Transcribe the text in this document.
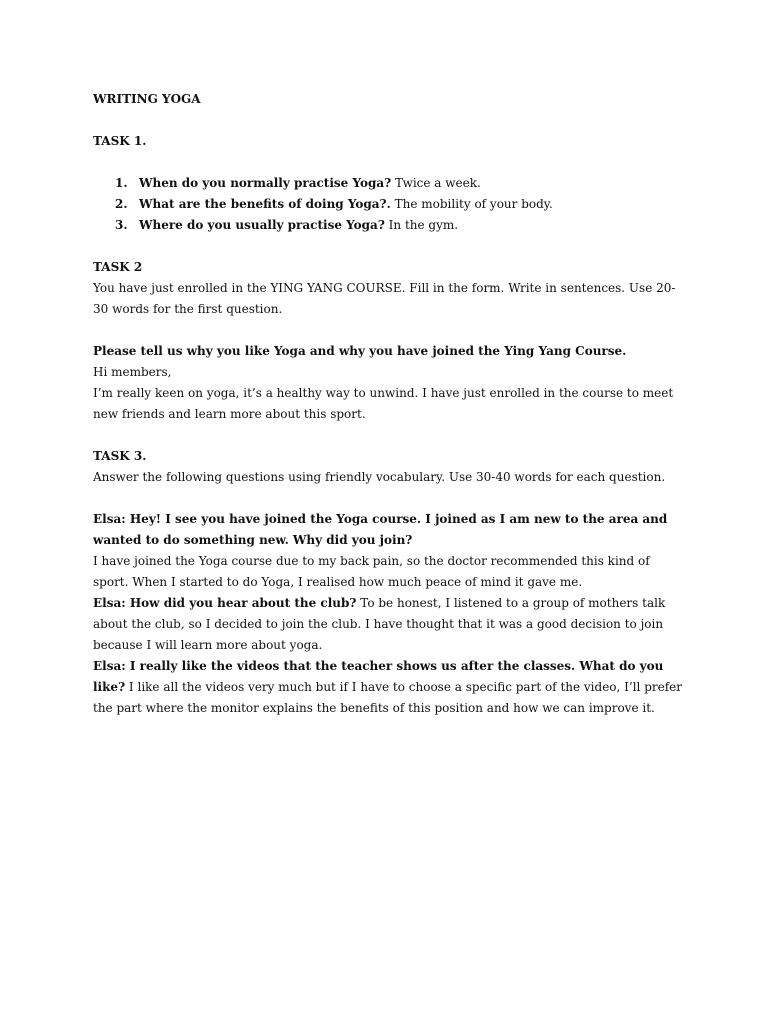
WRITING YOGA

TASK 1.

1. When do you normally practise Yoga? Twice a week.
2. What are the benefits of doing Yoga?. The mobility of your body.
3. Where do you usually practise Yoga? In the gym.

TASK 2

You have just enrolled in the YING YANG COURSE. Fill in the form. Write in sentences. Use 20-30 words for the first question.

Please tell us why you like Yoga and why you have joined the Ying Yang Course.

Hi members,

I’m really keen on yoga, it’s a healthy way to unwind. I have just enrolled in the course to meet new friends and learn more about this sport.

TASK 3.

Answer the following questions using friendly vocabulary. Use 30-40 words for each question.

Elsa: Hey! I see you have joined the Yoga course. I joined as I am new to the area and wanted to do something new. Why did you join?

I have joined the Yoga course due to my back pain, so the doctor recommended this kind of sport. When I started to do Yoga, I realised how much peace of mind it gave me.

Elsa: How did you hear about the club? To be honest, I listened to a group of mothers talk about the club, so I decided to join the club. I have thought that it was a good decision to join because I will learn more about yoga.

Elsa: I really like the videos that the teacher shows us after the classes. What do you like? I like all the videos very much but if I have to choose a specific part of the video, I’ll prefer the part where the monitor explains the benefits of this position and how we can improve it.
